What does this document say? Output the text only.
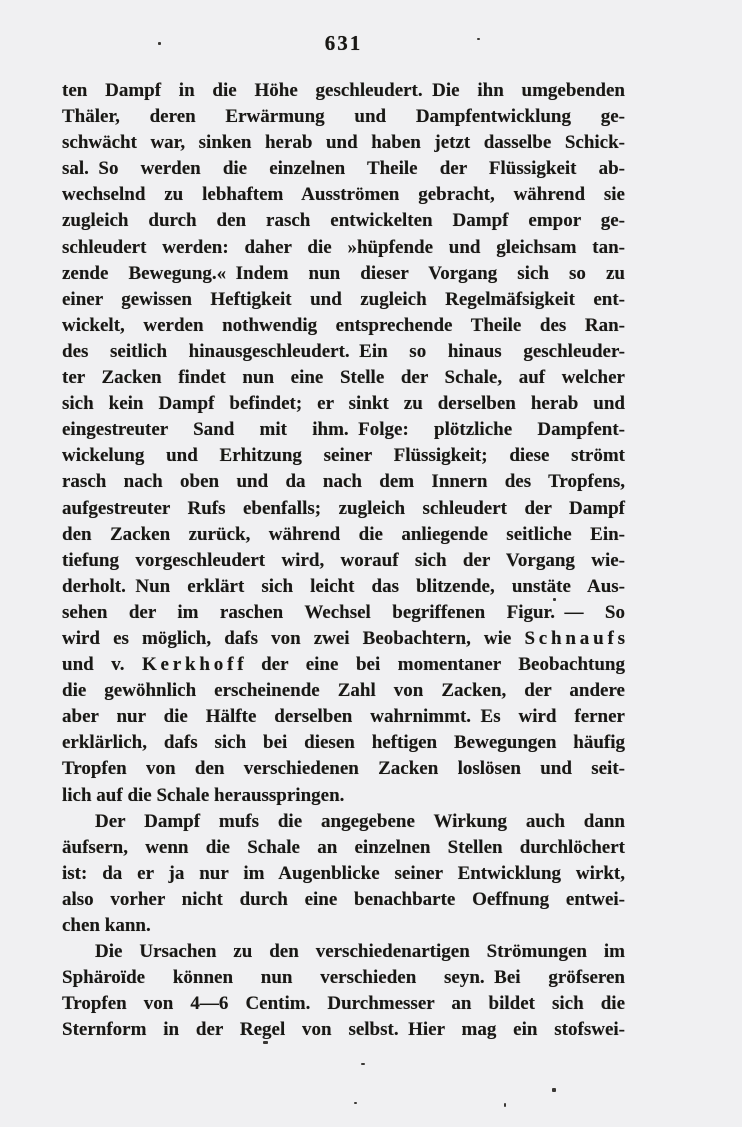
631
ten Dampf in die Höhe geschleudert. Die ihn umgebenden
Thäler, deren Erwärmung und Dampfentwicklung ge-
schwächt war, sinken herab und haben jetzt dasselbe Schick-
sal. So werden die einzelnen Theile der Flüssigkeit ab-
wechselnd zu lebhaftem Ausströmen gebracht, während sie
zugleich durch den rasch entwickelten Dampf empor ge-
schleudert werden: daher die »hüpfende und gleichsam tan-
zende Bewegung.« Indem nun dieser Vorgang sich so zu
einer gewissen Heftigkeit und zugleich Regelmäfsigkeit ent-
wickelt, werden nothwendig entsprechende Theile des Ran-
des seitlich hinausgeschleudert. Ein so hinaus geschleuder-
ter Zacken findet nun eine Stelle der Schale, auf welcher
sich kein Dampf befindet; er sinkt zu derselben herab und
eingestreuter Sand mit ihm. Folge: plötzliche Dampfent-
wickelung und Erhitzung seiner Flüssigkeit; diese strömt
rasch nach oben und da nach dem Innern des Tropfens,
aufgestreuter Rufs ebenfalls; zugleich schleudert der Dampf
den Zacken zurück, während die anliegende seitliche Ein-
tiefung vorgeschleudert wird, worauf sich der Vorgang wie-
derholt. Nun erklärt sich leicht das blitzende, unstäte Aus-
sehen der im raschen Wechsel begriffenen Figur. — So
wird es möglich, dafs von zwei Beobachtern, wie S c h n a u f s
und v. K e r k h o f f der eine bei momentaner Beobachtung
die gewöhnlich erscheinende Zahl von Zacken, der andere
aber nur die Hälfte derselben wahrnimmt. Es wird ferner
erklärlich, dafs sich bei diesen heftigen Bewegungen häufig
Tropfen von den verschiedenen Zacken loslösen und seit-
lich auf die Schale herausspringen.
Der Dampf mufs die angegebene Wirkung auch dann
äufsern, wenn die Schale an einzelnen Stellen durchlöchert
ist: da er ja nur im Augenblicke seiner Entwicklung wirkt,
also vorher nicht durch eine benachbarte Oeffnung entwei-
chen kann.
Die Ursachen zu den verschiedenartigen Strömungen im
Sphäroïde können nun verschieden seyn. Bei gröfseren
Tropfen von 4—6 Centim. Durchmesser an bildet sich die
Sternform in der Regel von selbst. Hier mag ein stofswei-
